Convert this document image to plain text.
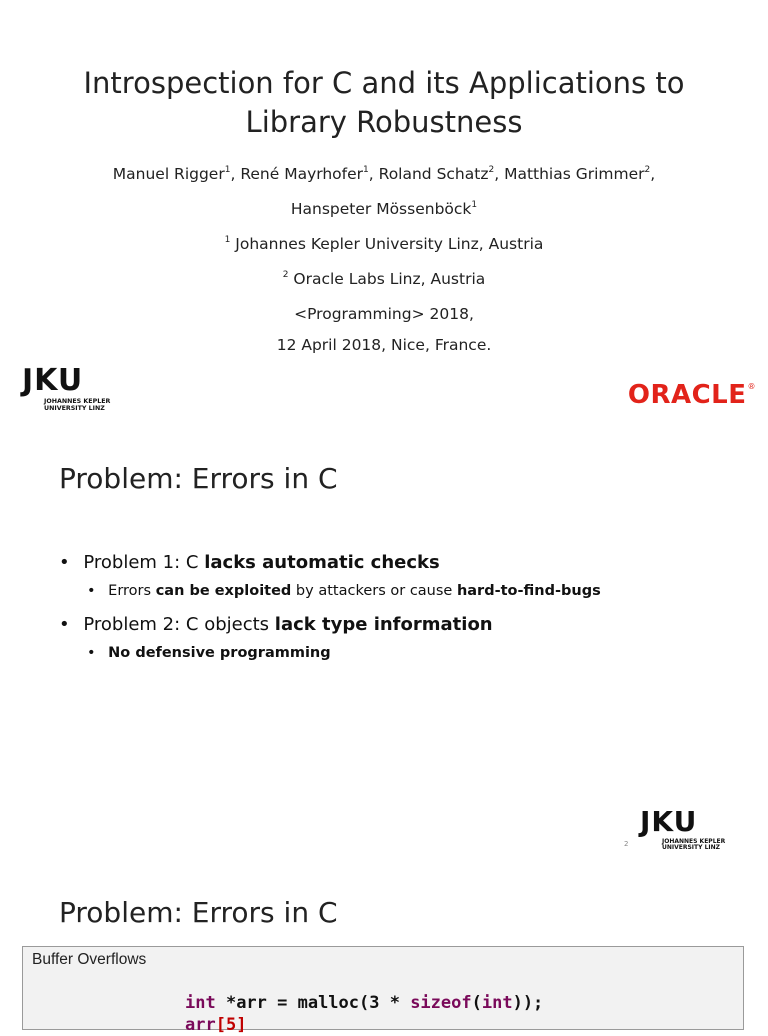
Introspection for C and its Applications to
Library Robustness
Manuel Rigger$^1$, René Mayrhofer$^1$, Roland Schatz$^2$, Matthias Grimmer$^2$,
Hanspeter Mössenböck$^1$
$^1$ Johannes Kepler University Linz, Austria
$^2$ Oracle Labs Linz, Austria
<Programming> 2018,
12 April 2018, Nice, France.
JKU
JOHANNES KEPLER
UNIVERSITY LINZ	ORACLE®
Problem: Errors in C
• Problem 1: C lacks automatic checks
• Errors can be exploited by attackers or cause hard-to-find-bugs
• Problem 2: C objects lack type information
• No defensive programming
2
JKU
JOHANNES KEPLER
UNIVERSITY LINZ
Problem: Errors in C
Buffer Overflows
int *arr = malloc(3 * sizeof(int));
arr[5]
